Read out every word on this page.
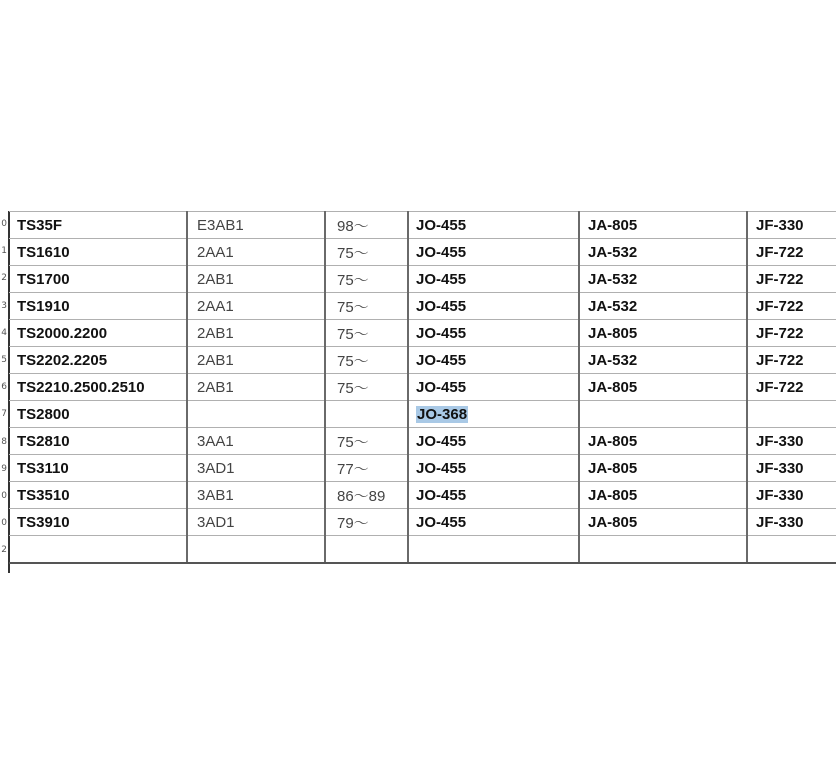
0
1
2
3
4
5
6
7
8
9
0
0
2
TS35F	E3AB1	98～	JO-455	JA-805	JF-330
TS1610	2AA1	75～	JO-455	JA-532	JF-722
TS1700	2AB1	75～	JO-455	JA-532	JF-722
TS1910	2AA1	75～	JO-455	JA-532	JF-722
TS2000.2200	2AB1	75～	JO-455	JA-805	JF-722
TS2202.2205	2AB1	75～	JO-455	JA-532	JF-722
TS2210.2500.2510	2AB1	75～	JO-455	JA-805	JF-722
TS2800			JO-368		
TS2810	3AA1	75～	JO-455	JA-805	JF-330
TS3110	3AD1	77～	JO-455	JA-805	JF-330
TS3510	3AB1	86～89	JO-455	JA-805	JF-330
TS3910	3AD1	79～	JO-455	JA-805	JF-330
